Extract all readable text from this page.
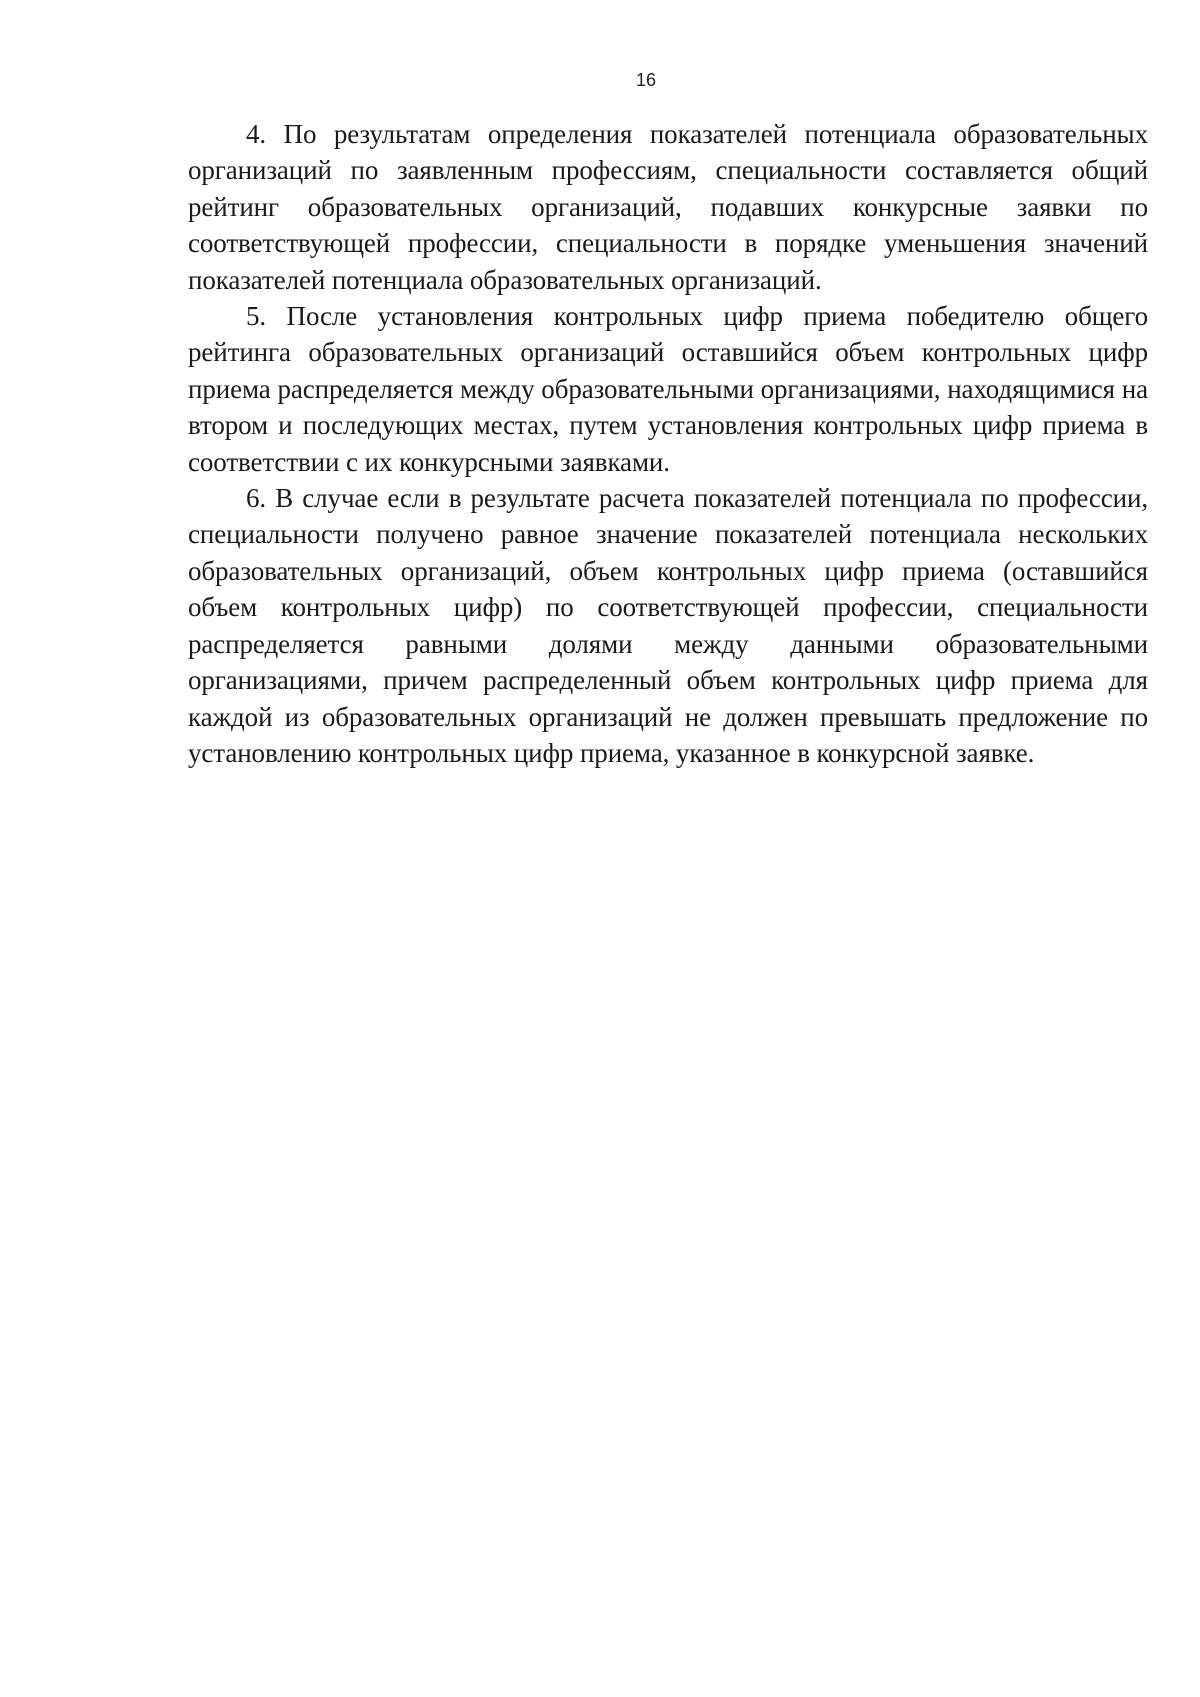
16

4. По результатам определения показателей потенциала образовательных организаций по заявленным профессиям, специальности составляется общий рейтинг образовательных организаций, подавших конкурсные заявки по соответствующей профессии, специальности в порядке уменьшения значений показателей потенциала образовательных организаций.

5. После установления контрольных цифр приема победителю общего рейтинга образовательных организаций оставшийся объем контрольных цифр приема распределяется между образовательными организациями, находящимися на втором и последующих местах, путем установления контрольных цифр приема в соответствии с их конкурсными заявками.

6. В случае если в результате расчета показателей потенциала по профессии, специальности получено равное значение показателей потенциала нескольких образовательных организаций, объем контрольных цифр приема (оставшийся объем контрольных цифр) по соответствующей профессии, специальности распределяется равными долями между данными образовательными организациями, причем распределенный объем контрольных цифр приема для каждой из образовательных организаций не должен превышать предложение по установлению контрольных цифр приема, указанное в конкурсной заявке.
